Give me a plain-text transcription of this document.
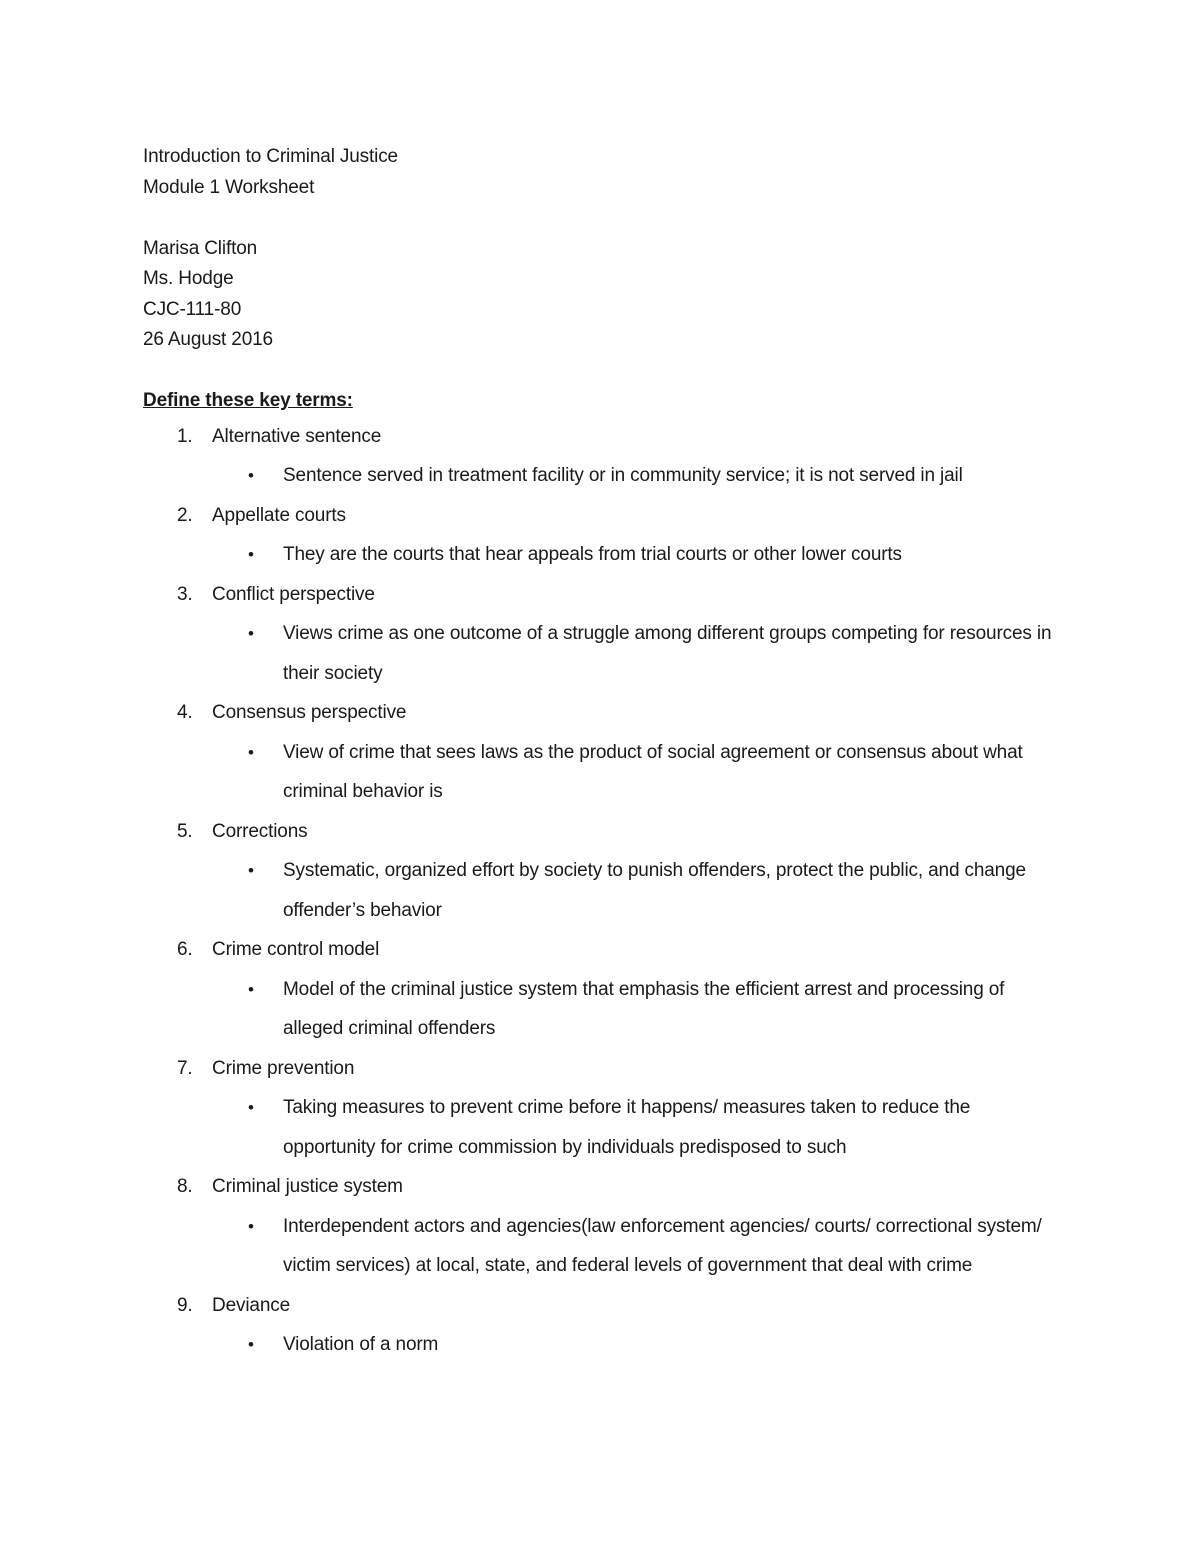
Introduction to Criminal Justice
Module 1 Worksheet
Marisa Clifton
Ms. Hodge
CJC-111-80
26 August 2016
Define these key terms:
1.	Alternative sentence
•	Sentence served in treatment facility or in community service; it is not served in jail
2.	Appellate courts
•	They are the courts that hear appeals from trial courts or other lower courts
3.	Conflict perspective
•	Views crime as one outcome of a struggle among different groups competing for resources in their society
4.	Consensus perspective
•	View of crime that sees laws as the product of social agreement or consensus about what criminal behavior is
5.	Corrections
•	Systematic, organized effort by society to punish offenders, protect the public, and change offender’s behavior
6.	Crime control model
•	Model of the criminal justice system that emphasis the efficient arrest and processing of alleged criminal offenders
7.	Crime prevention
•	Taking measures to prevent crime before it happens/ measures taken to reduce the opportunity for crime commission by individuals predisposed to such
8.	Criminal justice system
•	Interdependent actors and agencies(law enforcement agencies/ courts/ correctional system/ victim services) at local, state, and federal levels of government that deal with crime
9.	Deviance
•	Violation of a norm
